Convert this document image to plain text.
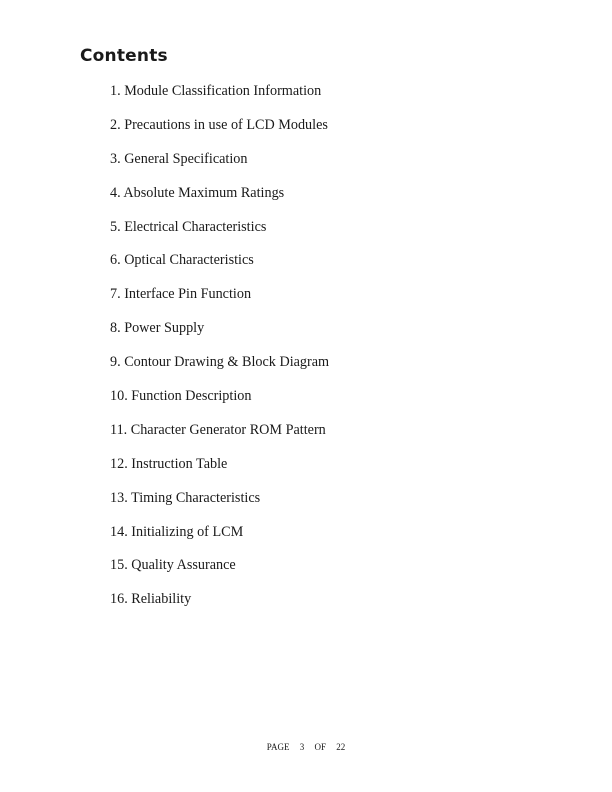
Contents
1. Module Classification Information
2. Precautions in use of LCD Modules
3. General Specification
4. Absolute Maximum Ratings
5. Electrical Characteristics
6. Optical Characteristics
7. Interface Pin Function
8. Power Supply
9. Contour Drawing & Block Diagram
10. Function Description
11. Character Generator ROM Pattern
12. Instruction Table
13. Timing Characteristics
14. Initializing of LCM
15. Quality Assurance
16. Reliability
PAGE 3 OF 22
